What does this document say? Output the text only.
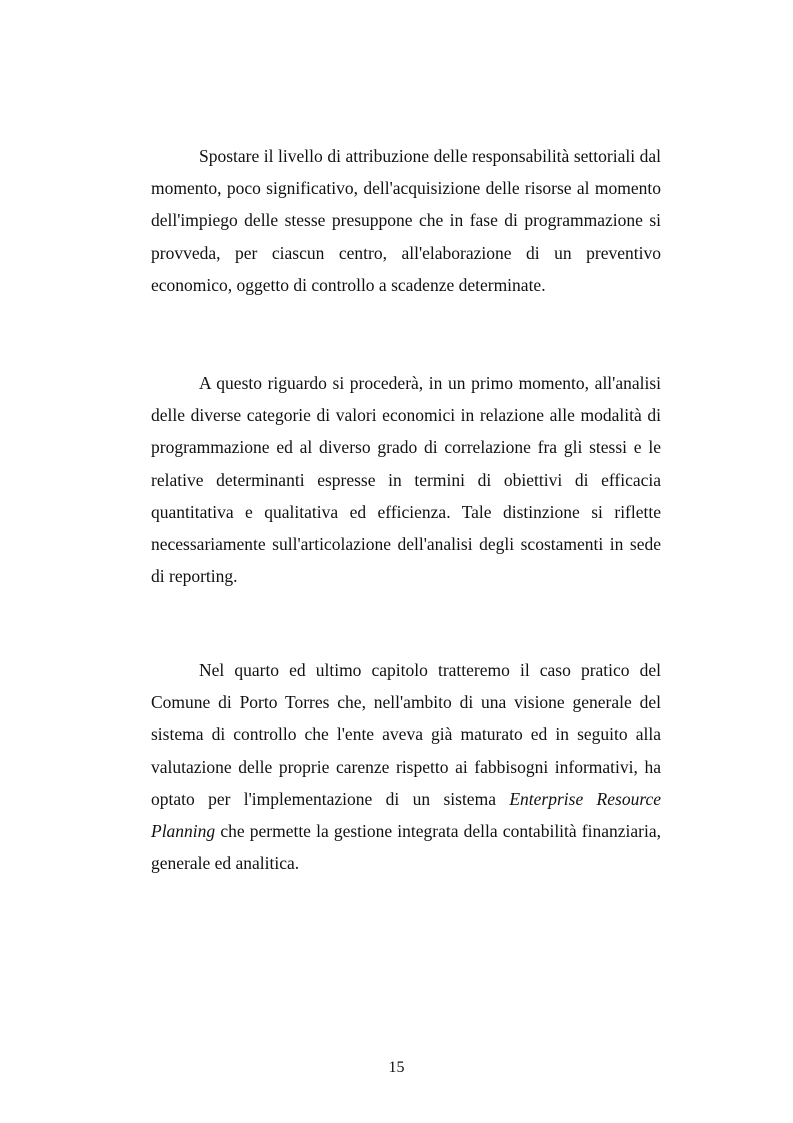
Spostare il livello di attribuzione delle responsabilità settoriali dal momento, poco significativo, dell'acquisizione delle risorse al momento dell'impiego delle stesse presuppone che in fase di programmazione si provveda, per ciascun centro, all'elaborazione di un preventivo economico, oggetto di controllo a scadenze determinate.

A questo riguardo si procederà, in un primo momento, all'analisi delle diverse categorie di valori economici in relazione alle modalità di programmazione ed al diverso grado di correlazione fra gli stessi e le relative determinanti espresse in termini di obiettivi di efficacia quantitativa e qualitativa ed efficienza. Tale distinzione si riflette necessariamente sull'articolazione dell'analisi degli scostamenti in sede di reporting.

Nel quarto ed ultimo capitolo tratteremo il caso pratico del Comune di Porto Torres che, nell'ambito di una visione generale del sistema di controllo che l'ente aveva già maturato ed in seguito alla valutazione delle proprie carenze rispetto ai fabbisogni informativi, ha optato per l'implementazione di un sistema Enterprise Resource Planning che permette la gestione integrata della contabilità finanziaria, generale ed analitica.

15
